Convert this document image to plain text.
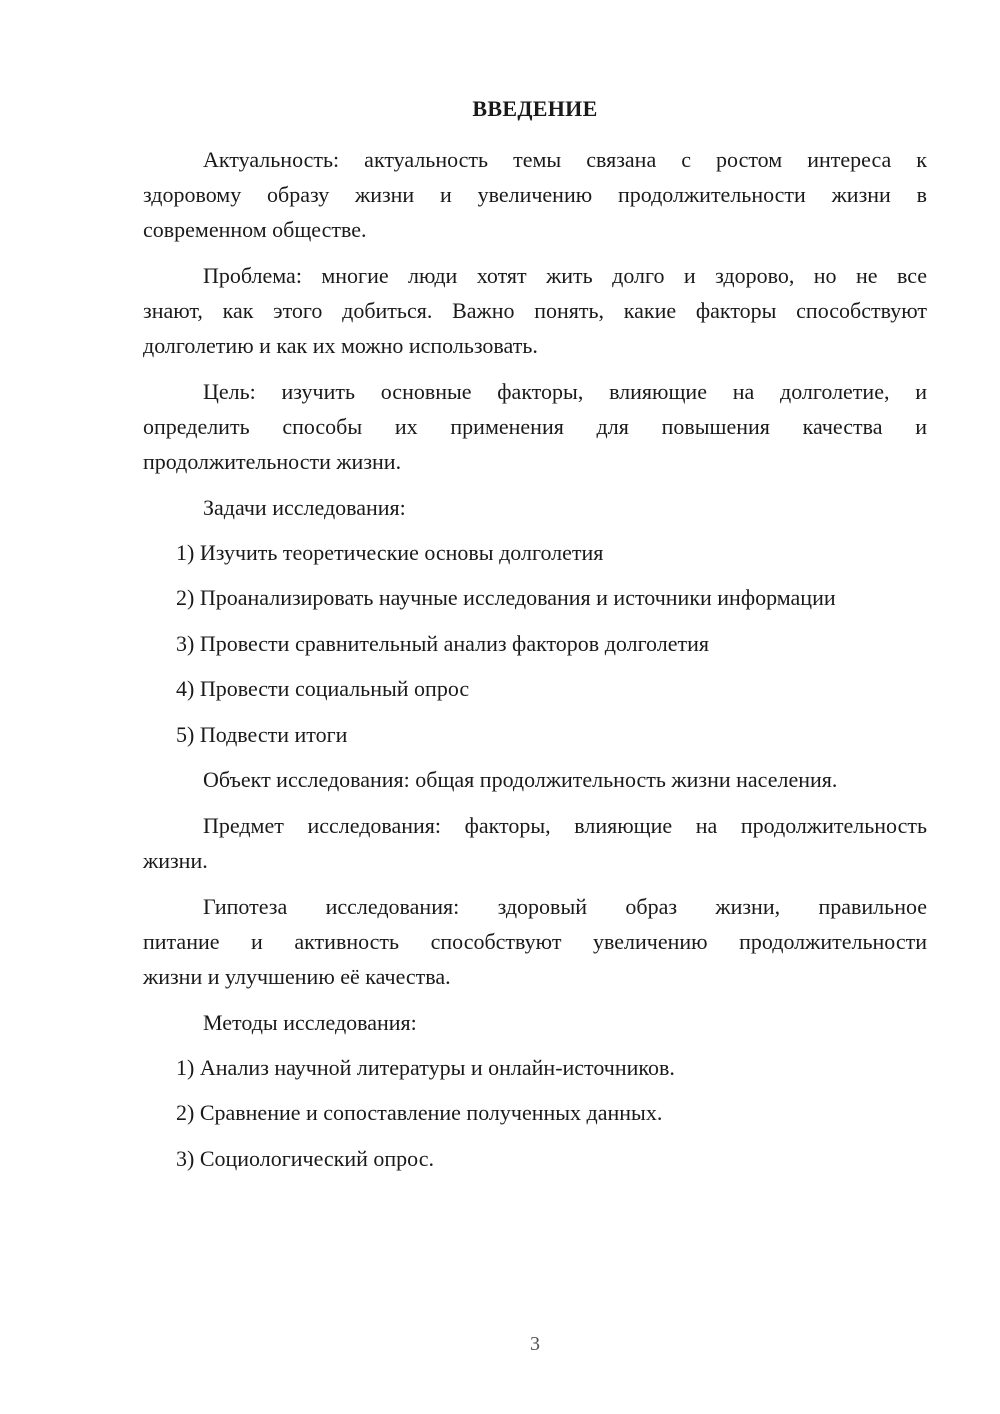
ВВЕДЕНИЕ
Актуальность: актуальность темы связана с ростом интереса к
здоровому образу жизни и увеличению продолжительности жизни в
современном обществе.
Проблема: многие люди хотят жить долго и здорово, но не все
знают, как этого добиться. Важно понять, какие факторы способствуют
долголетию и как их можно использовать.
Цель: изучить основные факторы, влияющие на долголетие, и
определить способы их применения для повышения качества и
продолжительности жизни.
Задачи исследования:
1) Изучить теоретические основы долголетия
2) Проанализировать научные исследования и источники информации
3) Провести сравнительный анализ факторов долголетия
4) Провести социальный опрос
5) Подвести итоги
Объект исследования: общая продолжительность жизни населения.
Предмет исследования: факторы, влияющие на продолжительность
жизни.
Гипотеза исследования: здоровый образ жизни, правильное
питание и активность способствуют увеличению продолжительности
жизни и улучшению её качества.
Методы исследования:
1) Анализ научной литературы и онлайн-источников.
2) Сравнение и сопоставление полученных данных.
3) Социологический опрос.
3
